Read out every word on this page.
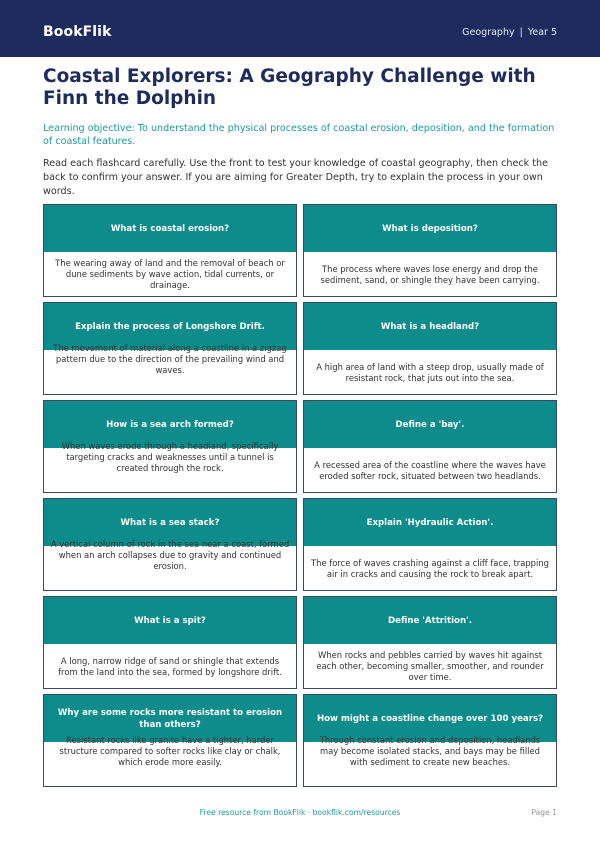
BookFlik	Geography | Year 5
Coastal Explorers: A Geography Challenge with Finn the Dolphin

Learning objective: To understand the physical processes of coastal erosion, deposition, and the formation of coastal features.

Read each flashcard carefully. Use the front to test your knowledge of coastal geography, then check the back to confirm your answer. If you are aiming for Greater Depth, try to explain the process in your own words.

What is coastal erosion?
The wearing away of land and the removal of beach or dune sediments by wave action, tidal currents, or drainage.
What is deposition?
The process where waves lose energy and drop the sediment, sand, or shingle they have been carrying.
Explain the process of Longshore Drift.
The movement of material along a coastline in a zigzag pattern due to the direction of the prevailing wind and waves.
What is a headland?
A high area of land with a steep drop, usually made of resistant rock, that juts out into the sea.
How is a sea arch formed?
When waves erode through a headland, specifically targeting cracks and weaknesses until a tunnel is created through the rock.
Define a 'bay'.
A recessed area of the coastline where the waves have eroded softer rock, situated between two headlands.
What is a sea stack?
A vertical column of rock in the sea near a coast, formed when an arch collapses due to gravity and continued erosion.
Explain 'Hydraulic Action'.
The force of waves crashing against a cliff face, trapping air in cracks and causing the rock to break apart.
What is a spit?
A long, narrow ridge of sand or shingle that extends from the land into the sea, formed by longshore drift.
Define 'Attrition'.
When rocks and pebbles carried by waves hit against each other, becoming smaller, smoother, and rounder over time.
Why are some rocks more resistant to erosion than others?
Resistant rocks like granite have a tighter, harder structure compared to softer rocks like clay or chalk, which erode more easily.
How might a coastline change over 100 years?
Through constant erosion and deposition, headlands may become isolated stacks, and bays may be filled with sediment to create new beaches.
Free resource from BookFlik · bookflik.com/resources	Page 1
